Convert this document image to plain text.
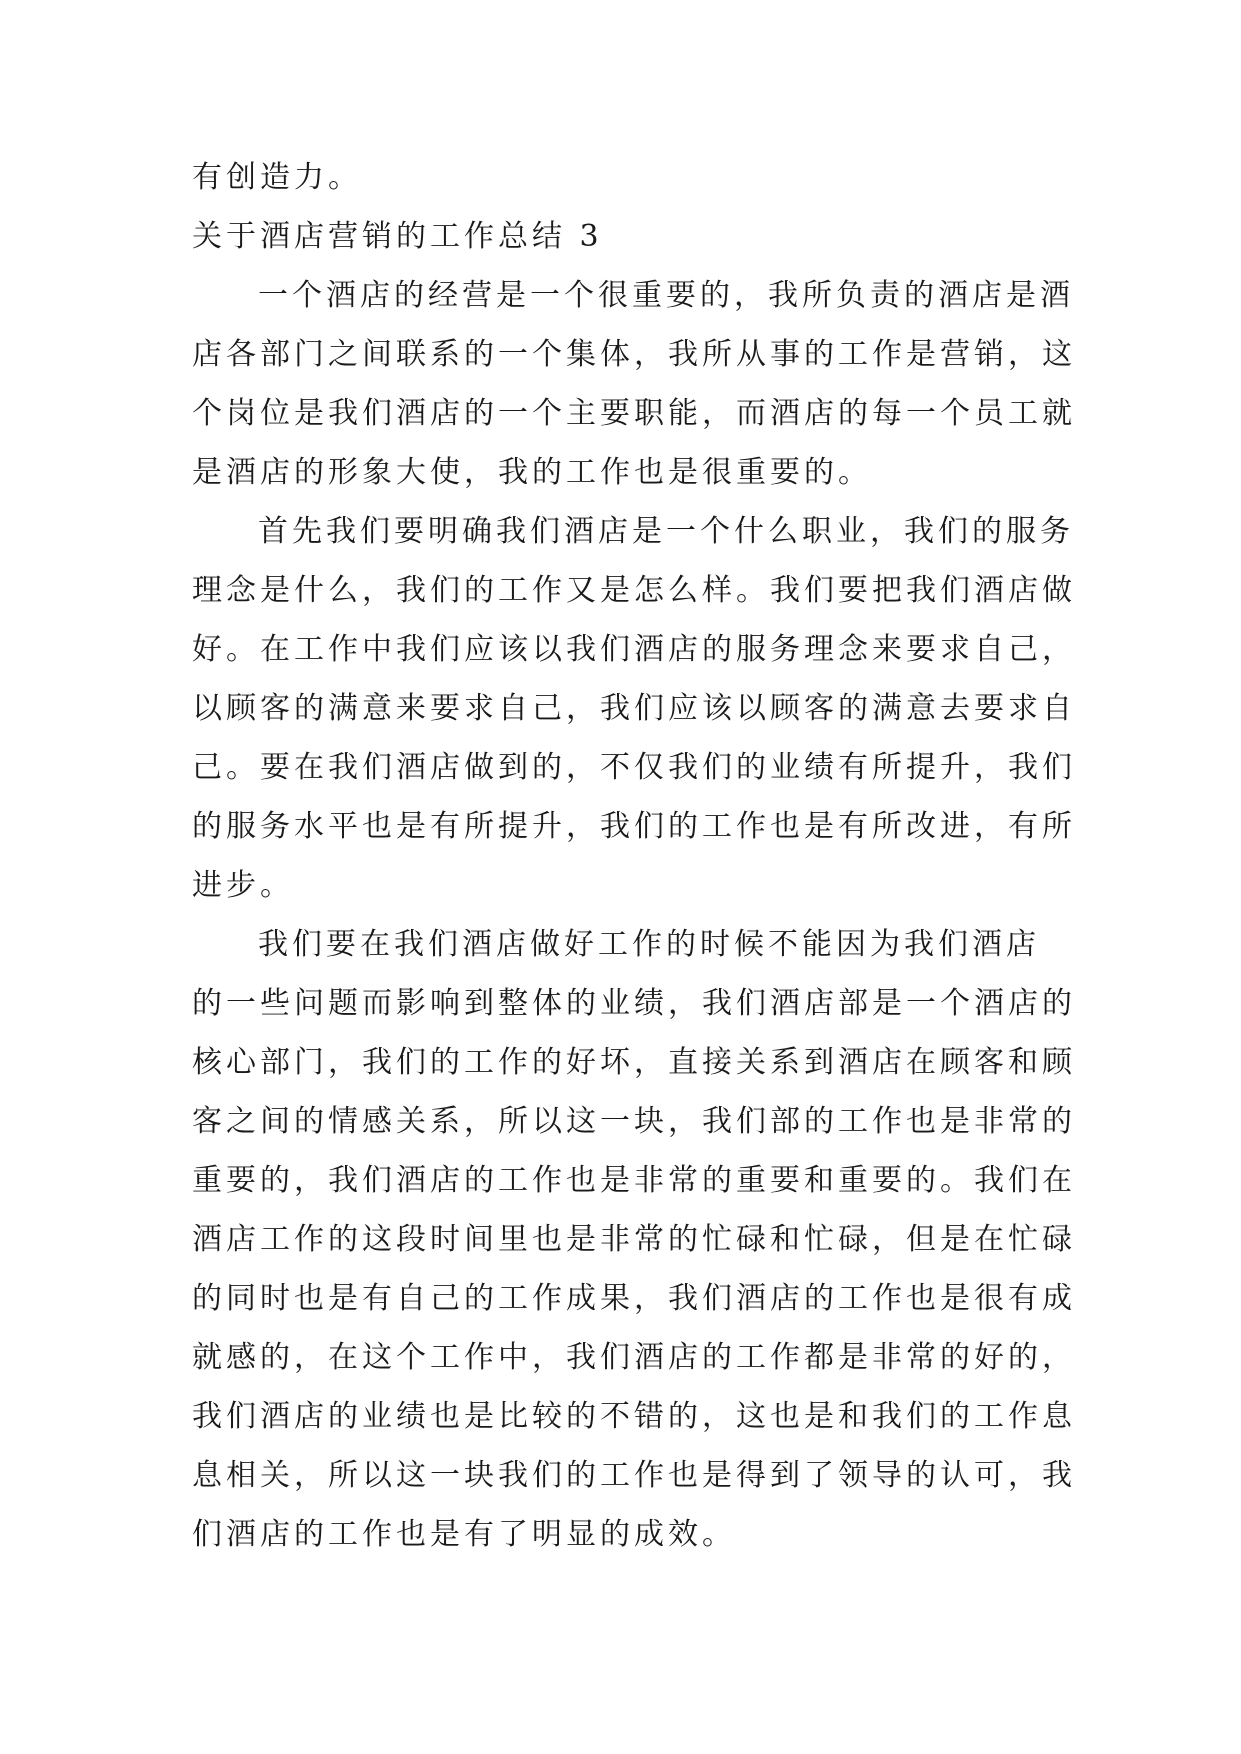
有创造力。
关于酒店营销的工作总结 3
一个酒店的经营是一个很重要的，我所负责的酒店是酒
店各部门之间联系的一个集体，我所从事的工作是营销，这
个岗位是我们酒店的一个主要职能，而酒店的每一个员工就
是酒店的形象大使，我的工作也是很重要的。
首先我们要明确我们酒店是一个什么职业，我们的服务
理念是什么，我们的工作又是怎么样。我们要把我们酒店做
好。在工作中我们应该以我们酒店的服务理念来要求自己，
以顾客的满意来要求自己，我们应该以顾客的满意去要求自
己。要在我们酒店做到的，不仅我们的业绩有所提升，我们
的服务水平也是有所提升，我们的工作也是有所改进，有所
进步。
我们要在我们酒店做好工作的时候不能因为我们酒店
的一些问题而影响到整体的业绩，我们酒店部是一个酒店的
核心部门，我们的工作的好坏，直接关系到酒店在顾客和顾
客之间的情感关系，所以这一块，我们部的工作也是非常的
重要的，我们酒店的工作也是非常的重要和重要的。我们在
酒店工作的这段时间里也是非常的忙碌和忙碌，但是在忙碌
的同时也是有自己的工作成果，我们酒店的工作也是很有成
就感的，在这个工作中，我们酒店的工作都是非常的好的，
我们酒店的业绩也是比较的不错的，这也是和我们的工作息
息相关，所以这一块我们的工作也是得到了领导的认可，我
们酒店的工作也是有了明显的成效。
